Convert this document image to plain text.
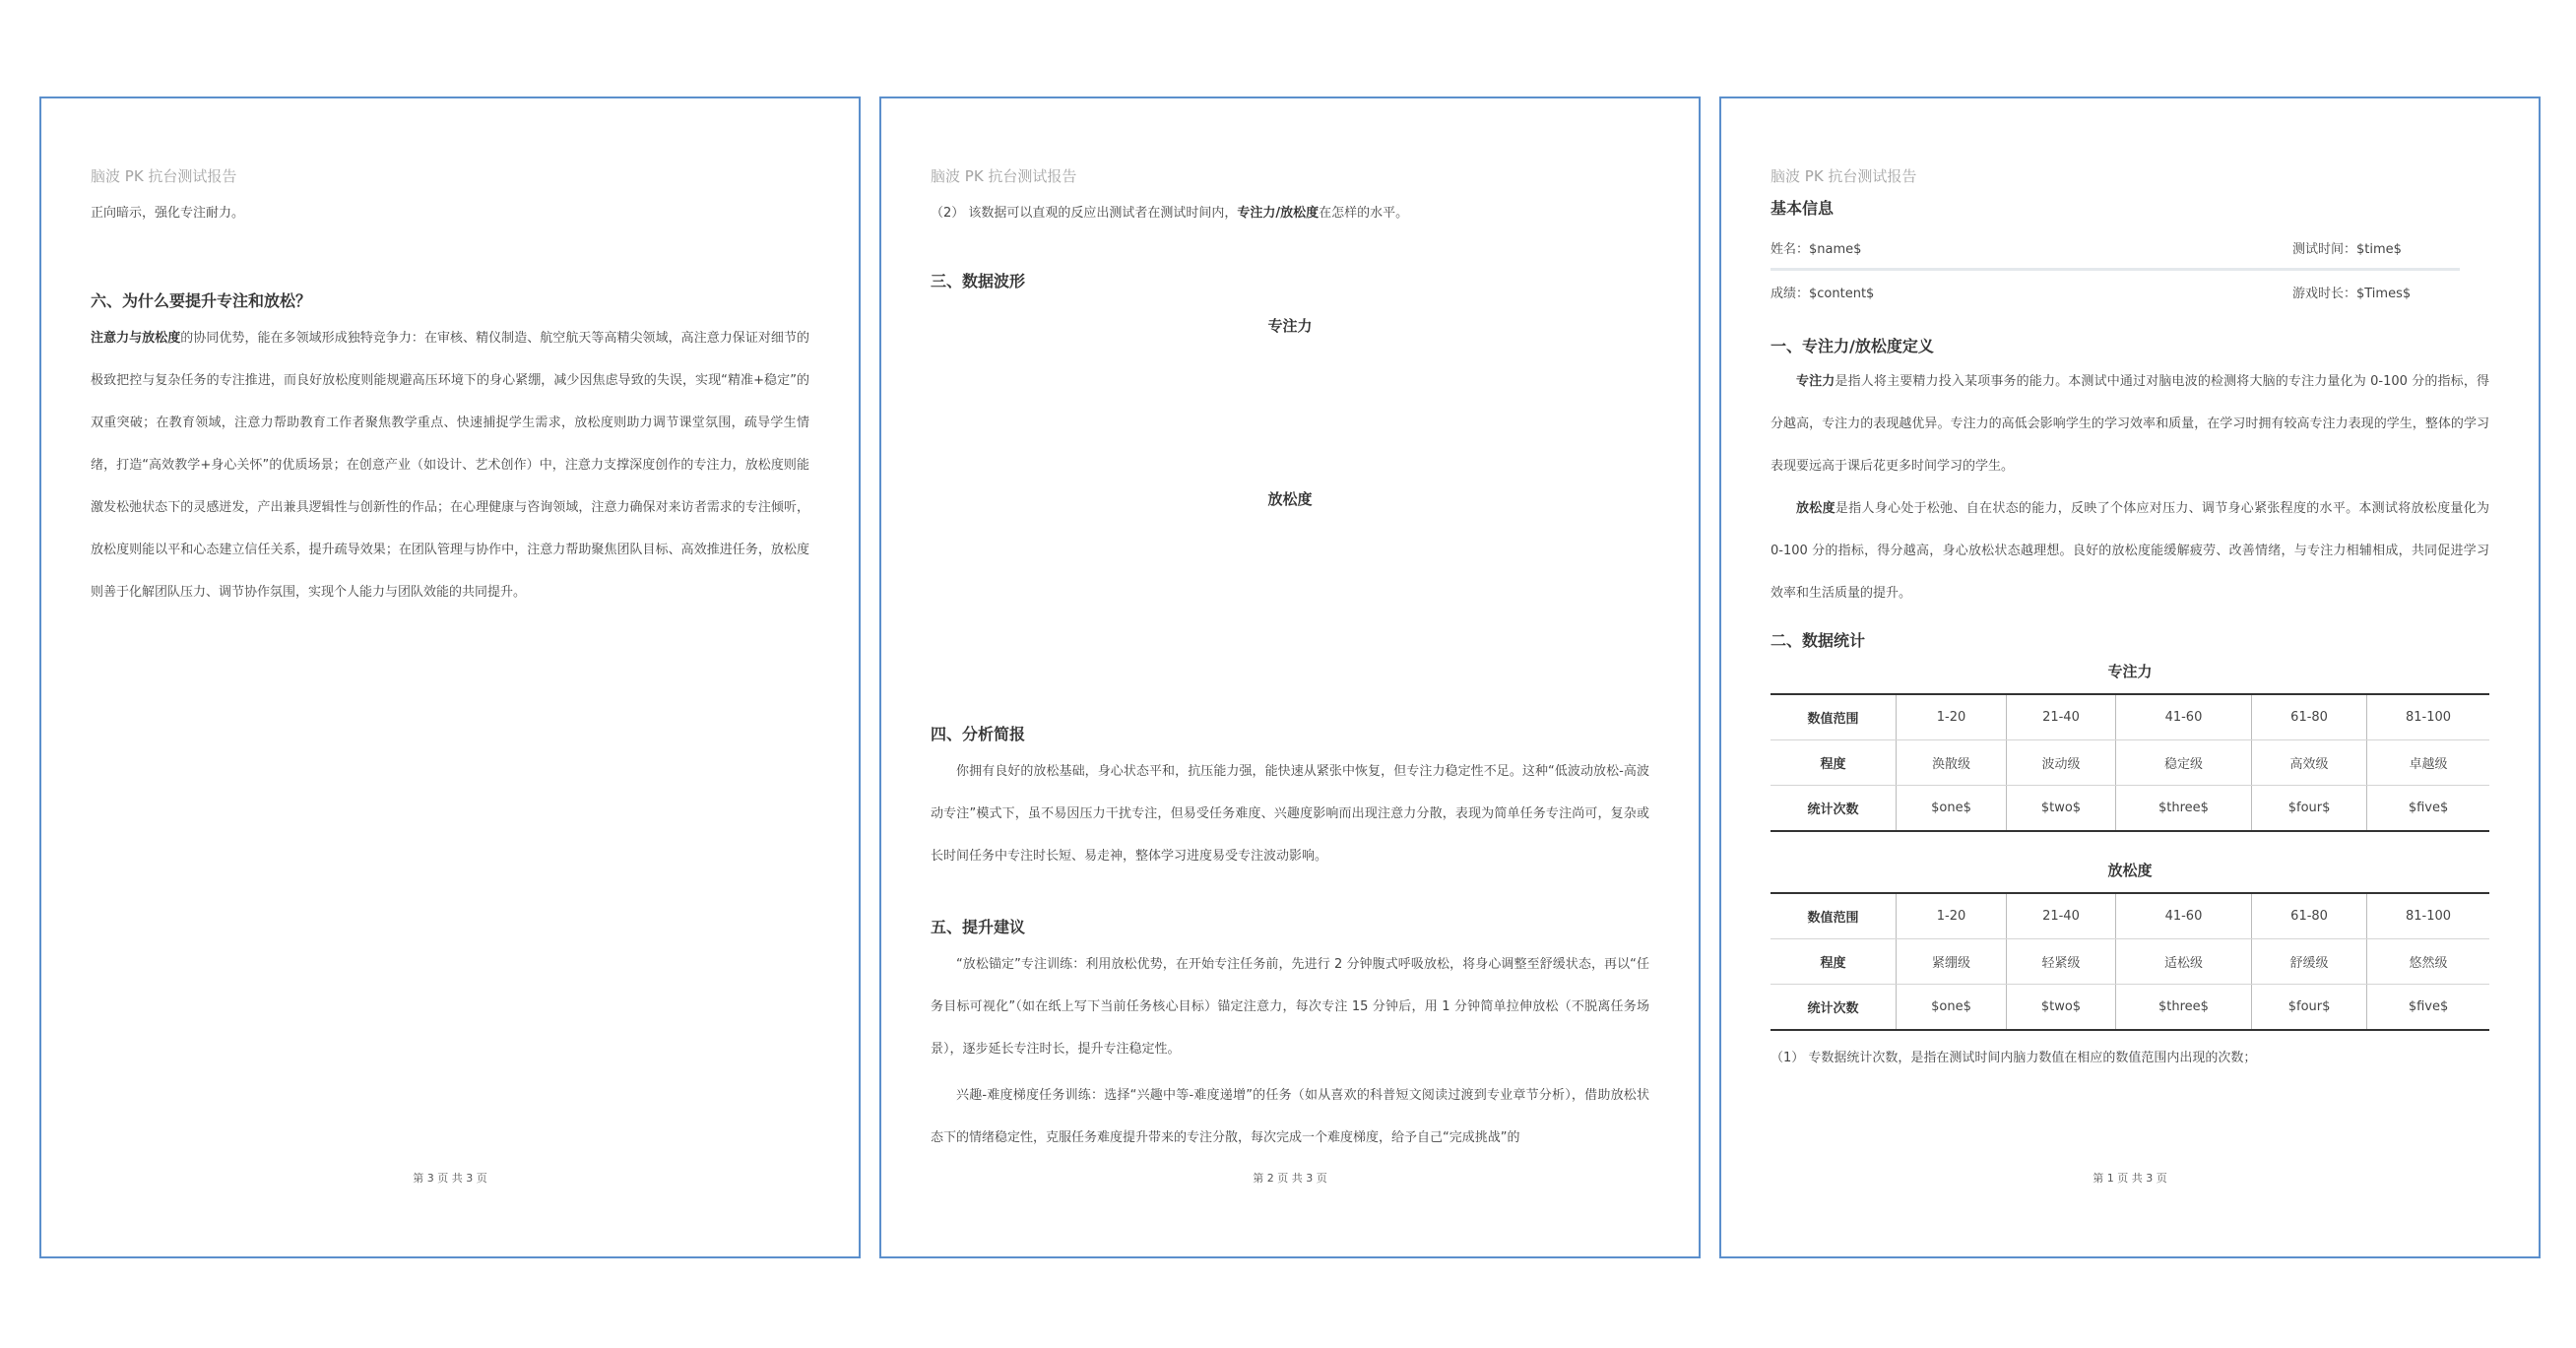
脑波 PK 抗台测试报告
正向暗示，强化专注耐力。
六、为什么要提升专注和放松？
注意力与放松度的协同优势，能在多领域形成独特竞争力：在审核、精仪制造、航空航天等高精尖领域，高注意力保证对细节的极致把控与复杂任务的专注推进，而良好放松度则能规避高压环境下的身心紧绷，减少因焦虑导致的失误，实现“精准+稳定”的双重突破；在教育领域，注意力帮助教育工作者聚焦教学重点、快速捕捉学生需求，放松度则助力调节课堂氛围，疏导学生情绪，打造“高效教学+身心关怀”的优质场景；在创意产业（如设计、艺术创作）中，注意力支撑深度创作的专注力，放松度则能激发松弛状态下的灵感迸发，产出兼具逻辑性与创新性的作品；在心理健康与咨询领域，注意力确保对来访者需求的专注倾听，放松度则能以平和心态建立信任关系，提升疏导效果；在团队管理与协作中，注意力帮助聚焦团队目标、高效推进任务，放松度则善于化解团队压力、调节协作氛围，实现个人能力与团队效能的共同提升。
第 3 页 共 3 页
脑波 PK 抗台测试报告
（2） 该数据可以直观的反应出测试者在测试时间内，专注力/放松度在怎样的水平。
三、数据波形
专注力
放松度
四、分析简报
你拥有良好的放松基础，身心状态平和，抗压能力强，能快速从紧张中恢复，但专注力稳定性不足。这种“低波动放松-高波动专注”模式下，虽不易因压力干扰专注，但易受任务难度、兴趣度影响而出现注意力分散，表现为简单任务专注尚可，复杂或长时间任务中专注时长短、易走神，整体学习进度易受专注波动影响。
五、提升建议
“放松锚定”专注训练：利用放松优势，在开始专注任务前，先进行 2 分钟腹式呼吸放松，将身心调整至舒缓状态，再以“任务目标可视化”（如在纸上写下当前任务核心目标）锚定注意力，每次专注 15 分钟后，用 1 分钟简单拉伸放松（不脱离任务场景），逐步延长专注时长，提升专注稳定性。
兴趣-难度梯度任务训练：选择“兴趣中等-难度递增”的任务（如从喜欢的科普短文阅读过渡到专业章节分析），借助放松状态下的情绪稳定性，克服任务难度提升带来的专注分散，每次完成一个难度梯度，给予自己“完成挑战”的
第 2 页 共 3 页
脑波 PK 抗台测试报告
基本信息
姓名：$name$	测试时间：$time$
成绩：$content$	游戏时长：$Times$
一、专注力/放松度定义
专注力是指人将主要精力投入某项事务的能力。本测试中通过对脑电波的检测将大脑的专注力量化为 0-100 分的指标，得分越高，专注力的表现越优异。专注力的高低会影响学生的学习效率和质量，在学习时拥有较高专注力表现的学生，整体的学习表现要远高于课后花更多时间学习的学生。
放松度是指人身心处于松弛、自在状态的能力，反映了个体应对压力、调节身心紧张程度的水平。本测试将放松度量化为 0-100 分的指标，得分越高，身心放松状态越理想。良好的放松度能缓解疲劳、改善情绪，与专注力相辅相成，共同促进学习效率和生活质量的提升。
二、数据统计
专注力
数值范围	1-20	21-40	41-60	61-80	81-100
程度	涣散级	波动级	稳定级	高效级	卓越级
统计次数	$one$	$two$	$three$	$four$	$five$
放松度
数值范围	1-20	21-40	41-60	61-80	81-100
程度	紧绷级	轻紧级	适松级	舒缓级	悠然级
统计次数	$one$	$two$	$three$	$four$	$five$
（1） 专数据统计次数，是指在测试时间内脑力数值在相应的数值范围内出现的次数；
第 1 页 共 3 页
